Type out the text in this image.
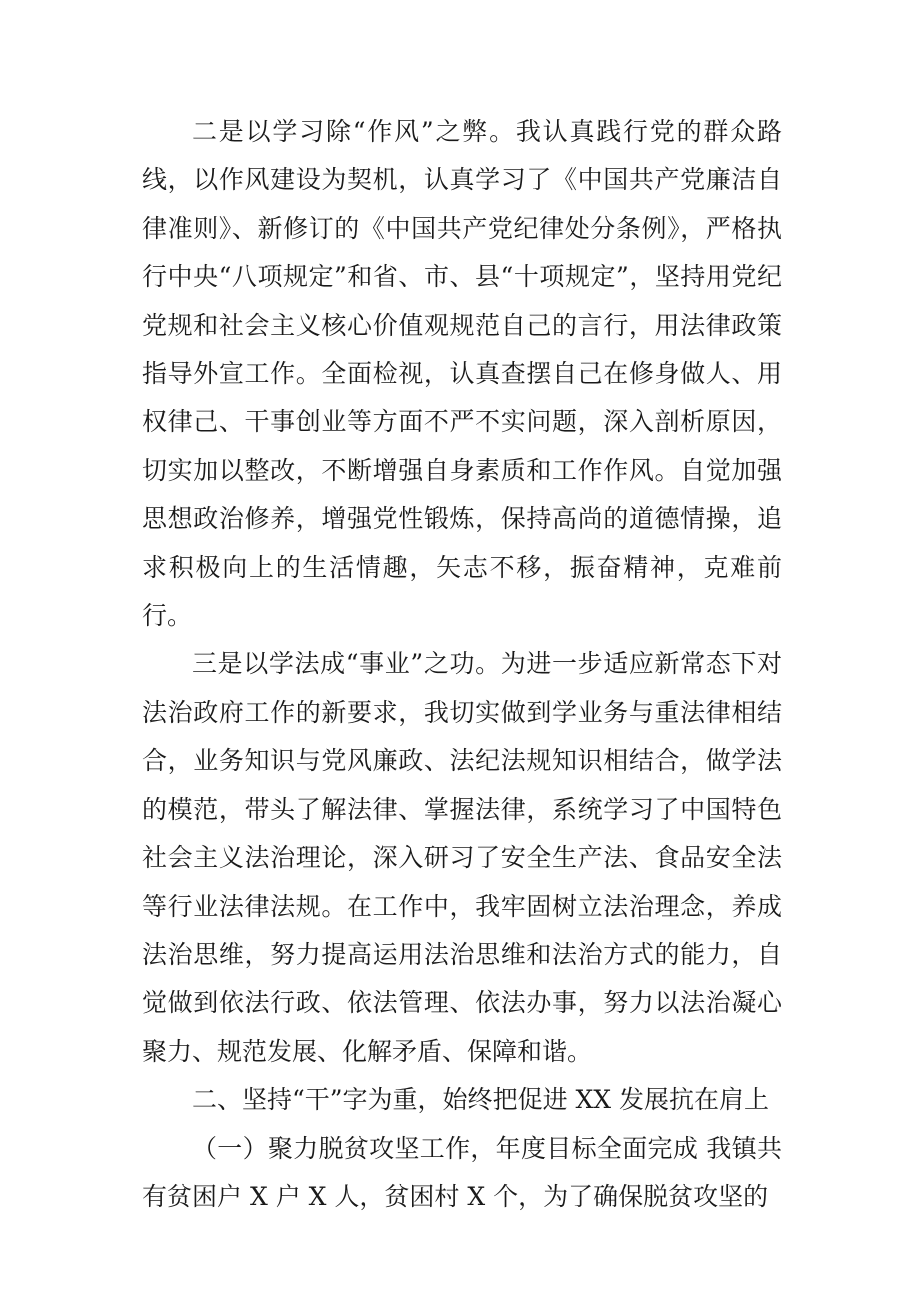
二是以学习除“作风”之弊。我认真践行党的群众路线，以作风建设为契机，认真学习了《中国共产党廉洁自律准则》、新修订的《中国共产党纪律处分条例》，严格执行中央“八项规定”和省、市、县“十项规定”，坚持用党纪党规和社会主义核心价值观规范自己的言行，用法律政策指导外宣工作。全面检视，认真查摆自己在修身做人、用权律己、干事创业等方面不严不实问题，深入剖析原因，切实加以整改，不断增强自身素质和工作作风。自觉加强思想政治修养，增强党性锻炼，保持高尚的道德情操，追求积极向上的生活情趣，矢志不移，振奋精神，克难前行。

三是以学法成“事业”之功。为进一步适应新常态下对法治政府工作的新要求，我切实做到学业务与重法律相结合，业务知识与党风廉政、法纪法规知识相结合，做学法的模范，带头了解法律、掌握法律，系统学习了中国特色社会主义法治理论，深入研习了安全生产法、食品安全法等行业法律法规。在工作中，我牢固树立法治理念，养成法治思维，努力提高运用法治思维和法治方式的能力，自觉做到依法行政、依法管理、依法办事，努力以法治凝心聚力、规范发展、化解矛盾、保障和谐。

二、坚持“干”字为重，始终把促进 XX 发展抗在肩上

（一）聚力脱贫攻坚工作，年度目标全面完成 我镇共有贫困户 X 户 X 人，贫困村 X 个，为了确保脱贫攻坚的
